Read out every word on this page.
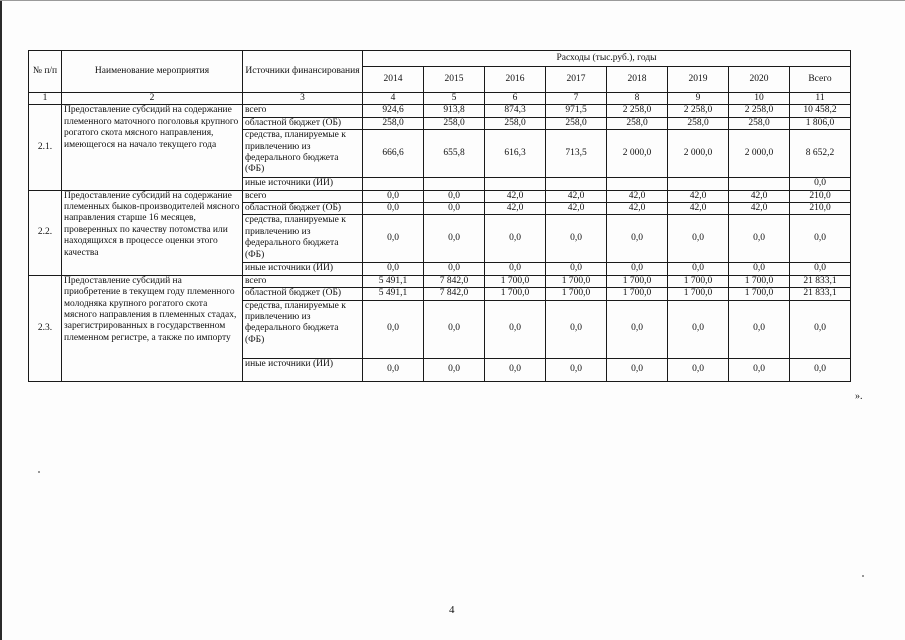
№ п/п	Наименование мероприятия	Источники финансирования	Расходы (тыс.руб.), годы							
			2014	2015	2016	2017	2018	2019	2020	Всего
1	2	3	4	5	6	7	8	9	10	11
2.1.	Предоставление субсидий на содержание племенного маточного поголовья крупного рогатого скота мясного направления, имеющегося на начало текущего года	всего	924,6	913,8	874,3	971,5	2 258,0	2 258,0	2 258,0	10 458,2
		областной бюджет (ОБ)	258,0	258,0	258,0	258,0	258,0	258,0	258,0	1 806,0
		средства, планируемые к привлечению из федерального бюджета (ФБ)	666,6	655,8	616,3	713,5	2 000,0	2 000,0	2 000,0	8 652,2
		иные источники (ИИ)								0,0
2.2.	Предоставление субсидий на содержание племенных быков-производителей мясного направления старше 16 месяцев, проверенных по качеству потомства или находящихся в процессе оценки этого качества	всего	0,0	0,0	42,0	42,0	42,0	42,0	42,0	210,0
		областной бюджет (ОБ)	0,0	0,0	42,0	42,0	42,0	42,0	42,0	210,0
		средства, планируемые к привлечению из федерального бюджета (ФБ)	0,0	0,0	0,0	0,0	0,0	0,0	0,0	0,0
		иные источники (ИИ)	0,0	0,0	0,0	0,0	0,0	0,0	0,0	0,0
2.3.	Предоставление субсидий на приобретение в текущем году племенного молодняка крупного рогатого скота мясного направления в племенных стадах, зарегистрированных в государственном племенном регистре, а также по импорту	всего	5 491,1	7 842,0	1 700,0	1 700,0	1 700,0	1 700,0	1 700,0	21 833,1
		областной бюджет (ОБ)	5 491,1	7 842,0	1 700,0	1 700,0	1 700,0	1 700,0	1 700,0	21 833,1
		средства, планируемые к привлечению из федерального бюджета (ФБ)	0,0	0,0	0,0	0,0	0,0	0,0	0,0	0,0
		иные источники (ИИ)	0,0	0,0	0,0	0,0	0,0	0,0	0,0	0,0
».
4
